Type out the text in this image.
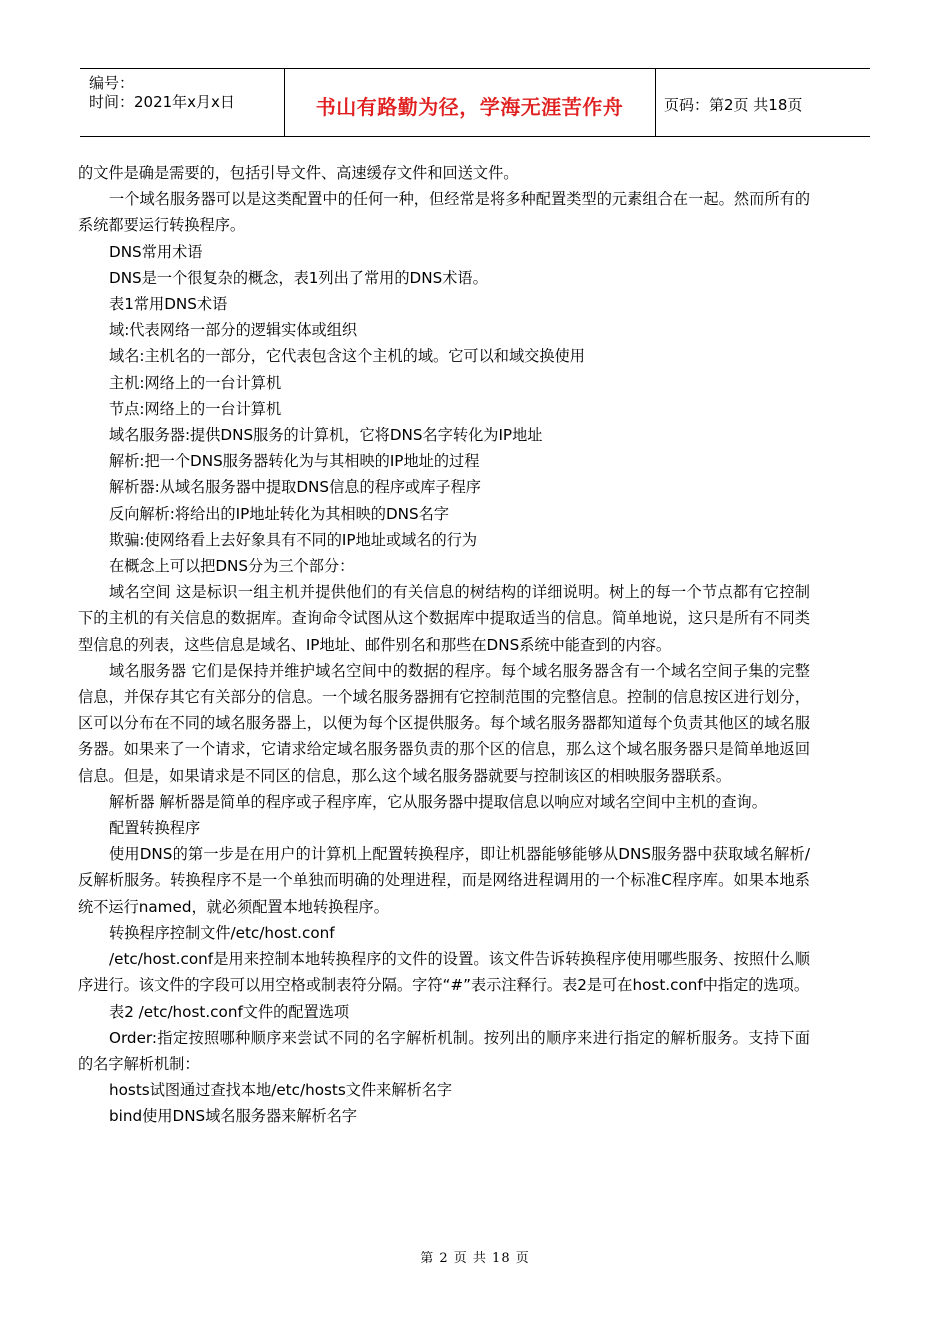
编号：
时间：2021年x月x日	书山有路勤为径，学海无涯苦作舟	页码：第2页 共18页

的文件是确是需要的，包括引导文件、高速缓存文件和回送文件。

一个域名服务器可以是这类配置中的任何一种，但经常是将多种配置类型的元素组合在一起。然而所有的系统都要运行转换程序。

DNS常用术语

DNS是一个很复杂的概念，表1列出了常用的DNS术语。

表1常用DNS术语

域:代表网络一部分的逻辑实体或组织

域名:主机名的一部分，它代表包含这个主机的域。它可以和域交换使用

主机:网络上的一台计算机

节点:网络上的一台计算机

域名服务器:提供DNS服务的计算机，它将DNS名字转化为IP地址

解析:把一个DNS服务器转化为与其相映的IP地址的过程

解析器:从域名服务器中提取DNS信息的程序或库子程序

反向解析:将给出的IP地址转化为其相映的DNS名字

欺骗:使网络看上去好象具有不同的IP地址或域名的行为

在概念上可以把DNS分为三个部分：

域名空间 这是标识一组主机并提供他们的有关信息的树结构的详细说明。树上的每一个节点都有它控制下的主机的有关信息的数据库。查询命令试图从这个数据库中提取适当的信息。简单地说，这只是所有不同类型信息的列表，这些信息是域名、IP地址、邮件别名和那些在DNS系统中能查到的内容。

域名服务器 它们是保持并维护域名空间中的数据的程序。每个域名服务器含有一个域名空间子集的完整信息，并保存其它有关部分的信息。一个域名服务器拥有它控制范围的完整信息。控制的信息按区进行划分，区可以分布在不同的域名服务器上，以便为每个区提供服务。每个域名服务器都知道每个负责其他区的域名服务器。如果来了一个请求，它请求给定域名服务器负责的那个区的信息，那么这个域名服务器只是简单地返回信息。但是，如果请求是不同区的信息，那么这个域名服务器就要与控制该区的相映服务器联系。

解析器 解析器是简单的程序或子程序库，它从服务器中提取信息以响应对域名空间中主机的查询。

配置转换程序

使用DNS的第一步是在用户的计算机上配置转换程序，即让机器能够能够从DNS服务器中获取域名解析/反解析服务。转换程序不是一个单独而明确的处理进程，而是网络进程调用的一个标准C程序库。如果本地系统不运行named，就必须配置本地转换程序。

转换程序控制文件/etc/host.conf

/etc/host.conf是用来控制本地转换程序的文件的设置。该文件告诉转换程序使用哪些服务、按照什么顺序进行。该文件的字段可以用空格或制表符分隔。字符“#”表示注释行。表2是可在host.conf中指定的选项。

表2 /etc/host.conf文件的配置选项

Order:指定按照哪种顺序来尝试不同的名字解析机制。按列出的顺序来进行指定的解析服务。支持下面的名字解析机制：

hosts试图通过查找本地/etc/hosts文件来解析名字

bind使用DNS域名服务器来解析名字

第 2 页 共 18 页
